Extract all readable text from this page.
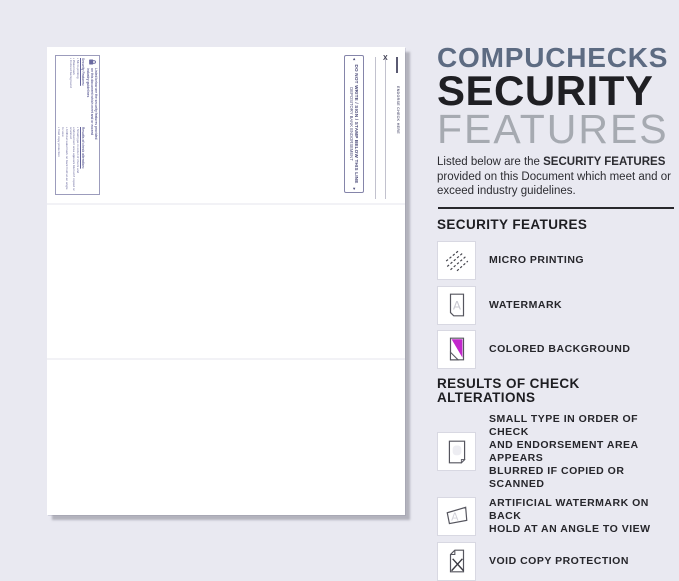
Listed below are the security features provided on this document which meet and or exceed industry guidelines
Security Features:
• Micro printing
• Watermark
• Colored background
Results of check alteration:
• Small type in order of check and endorsement area appears blurred if copied or scanned
• Artificial watermark on back hold at an angle to view
• Void copy protection
◄
DO NOT WRITE / SIGN / STAMP BELOW THIS LINE
DEPOSITORY BANK ENDORSEMENT
►
X
ENDORSE CHECK HERE
COMPUCHECKS
SECURITY
FEATURES

Listed below are the SECURITY FEATURES provided on this Document which meet and or exceed industry guidelines.

SECURITY FEATURES
MICRO PRINTING
A	WATERMARK
COLORED BACKGROUND
RESULTS OF CHECK ALTERATIONS
SMALL TYPE IN ORDER OF CHECK
AND ENDORSEMENT AREA APPEARS
BLURRED IF COPIED OR SCANNED
A
ARTIFICIAL WATERMARK ON BACK
HOLD AT AN ANGLE TO VIEW
VOID COPY PROTECTION
